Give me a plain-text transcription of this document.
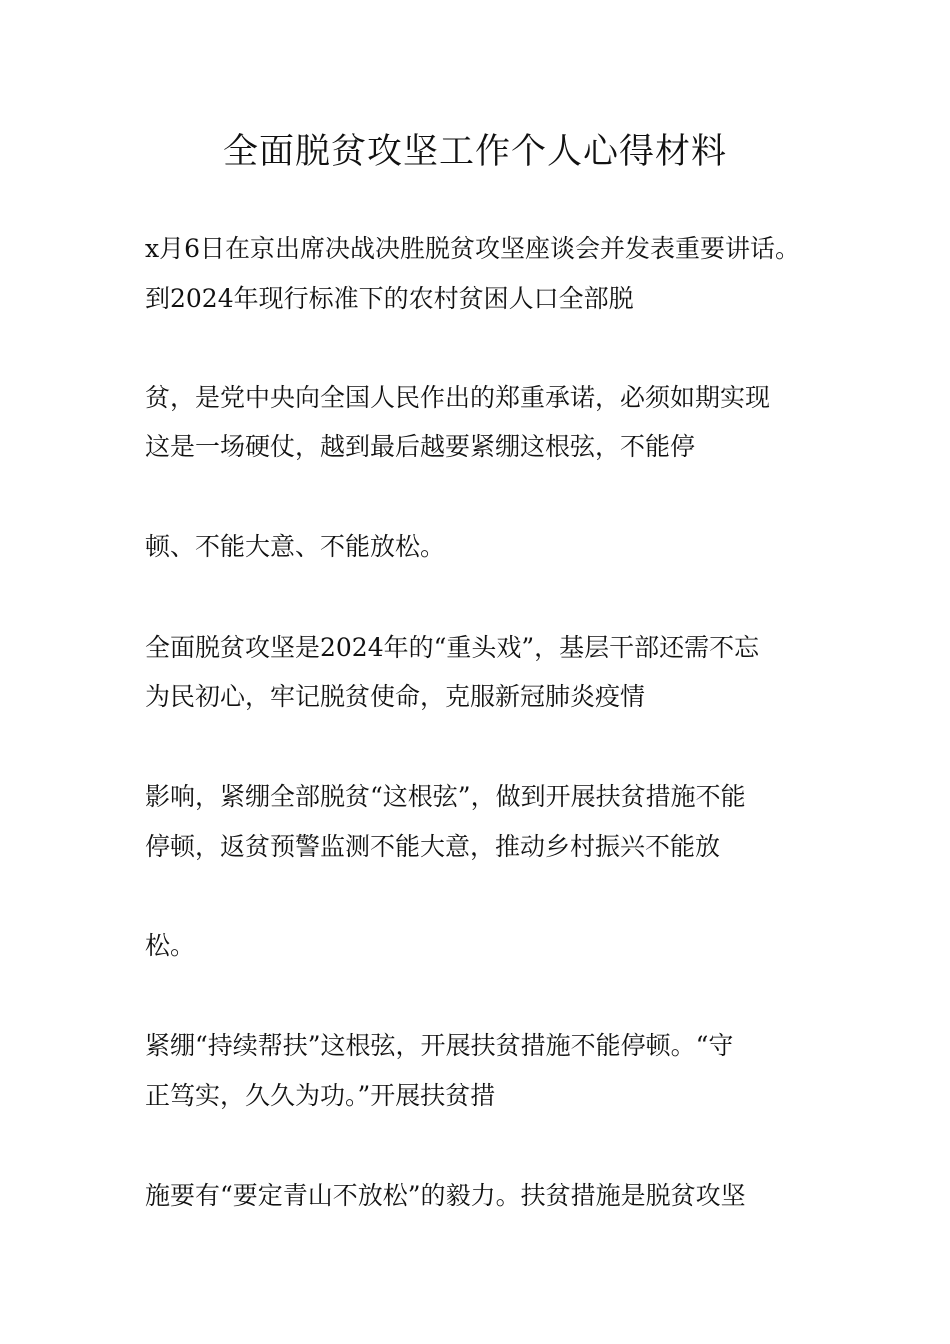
全面脱贫攻坚工作个人心得材料
x月6日在京出席决战决胜脱贫攻坚座谈会并发表重要讲话。
到2024年现行标准下的农村贫困人口全部脱
贫，是党中央向全国人民作出的郑重承诺，必须如期实现
这是一场硬仗，越到最后越要紧绷这根弦，不能停
顿、不能大意、不能放松。
全面脱贫攻坚是2024年的“重头戏”，基层干部还需不忘
为民初心，牢记脱贫使命，克服新冠肺炎疫情
影响，紧绷全部脱贫“这根弦”，做到开展扶贫措施不能
停顿，返贫预警监测不能大意，推动乡村振兴不能放
松。
紧绷“持续帮扶”这根弦，开展扶贫措施不能停顿。“守
正笃实，久久为功。”开展扶贫措
施要有“要定青山不放松”的毅力。扶贫措施是脱贫攻坚
